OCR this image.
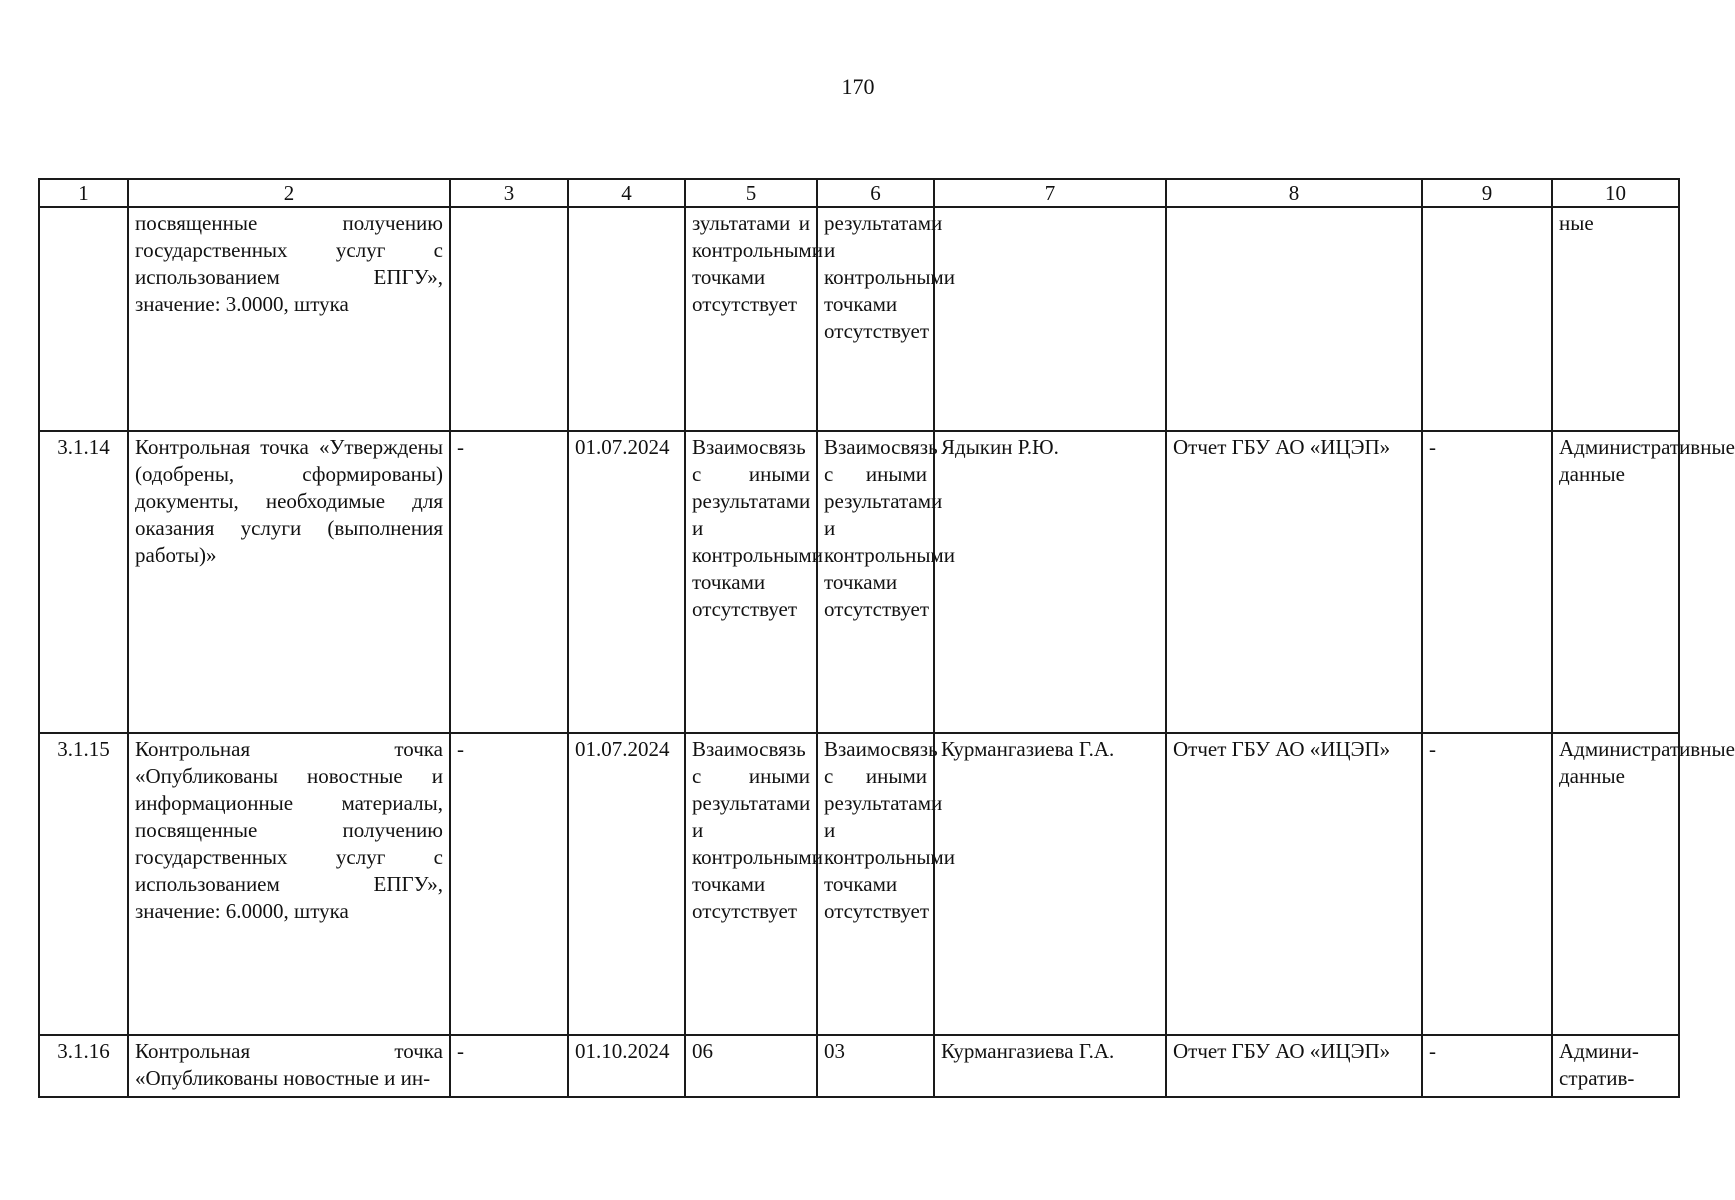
170
1	2	3	4	5	6	7	8	9	10
	посвященные получению государственных услуг с использованием ЕПГУ», значение: 3.0000, штука			зультатами и контрольными точками отсутствует	результатами и контрольными точками отсутствует				ные
3.1.14	Контрольная точка «Утверждены (одобрены, сформированы) документы, необходимые для оказания услуги (выполнения работы)»	-	01.07.2024	Взаимосвязь с иными результатами и контрольными точками отсутствует	Взаимосвязь с иными результатами и контрольными точками отсутствует	Ядыкин Р.Ю.	Отчет ГБУ АО «ИЦЭП»	-	Административные данные
3.1.15	Контрольная точка «Опубликованы новостные и информационные материалы, посвященные получению государственных услуг с использованием ЕПГУ», значение: 6.0000, штука	-	01.07.2024	Взаимосвязь с иными результатами и контрольными точками отсутствует	Взаимосвязь с иными результатами и контрольными точками отсутствует	Курмангазиева Г.А.	Отчет ГБУ АО «ИЦЭП»	-	Административные данные
3.1.16	Контрольная точка «Опубликованы новостные и ин-	-	01.10.2024	06	03	Курмангазиева Г.А.	Отчет ГБУ АО «ИЦЭП»	-	Административ-
